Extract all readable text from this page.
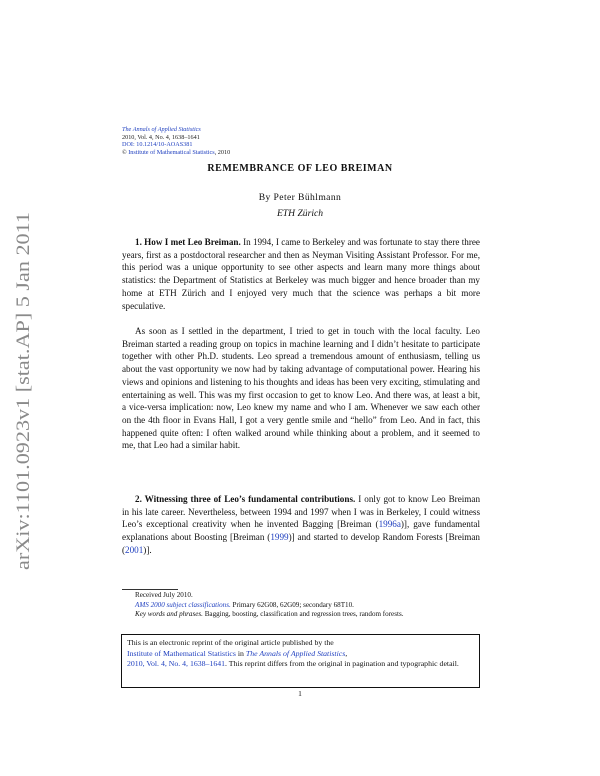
The Annals of Applied Statistics
2010, Vol. 4, No. 4, 1638–1641
DOI: 10.1214/10-AOAS381
© Institute of Mathematical Statistics, 2010
arXiv:1101.0923v1 [stat.AP] 5 Jan 2011
REMEMBRANCE OF LEO BREIMAN
By Peter Bühlmann
ETH Zürich

1. How I met Leo Breiman. In 1994, I came to Berkeley and was fortunate to stay there three years, first as a postdoctoral researcher and then as Neyman Visiting Assistant Professor. For me, this period was a unique opportunity to see other aspects and learn many more things about statistics: the Department of Statistics at Berkeley was much bigger and hence broader than my home at ETH Zürich and I enjoyed very much that the science was perhaps a bit more speculative.

As soon as I settled in the department, I tried to get in touch with the local faculty. Leo Breiman started a reading group on topics in machine learning and I didn’t hesitate to participate together with other Ph.D. students. Leo spread a tremendous amount of enthusiasm, telling us about the vast opportunity we now had by taking advantage of computational power. Hearing his views and opinions and listening to his thoughts and ideas has been very exciting, stimulating and entertaining as well. This was my first occasion to get to know Leo. And there was, at least a bit, a vice-versa implication: now, Leo knew my name and who I am. Whenever we saw each other on the 4th floor in Evans Hall, I got a very gentle smile and “hello” from Leo. And in fact, this happened quite often: I often walked around while thinking about a problem, and it seemed to me, that Leo had a similar habit.

2. Witnessing three of Leo’s fundamental contributions. I only got to know Leo Breiman in his late career. Nevertheless, between 1994 and 1997 when I was in Berkeley, I could witness Leo’s exceptional creativity when he invented Bagging [Breiman (1996a)], gave fundamental explanations about Boosting [Breiman (1999)] and started to develop Random Forests [Breiman (2001)].

Received July 2010.
AMS 2000 subject classifications. Primary 62G08, 62G09; secondary 68T10.
Key words and phrases. Bagging, boosting, classification and regression trees, random forests.
This is an electronic reprint of the original article published by the
Institute of Mathematical Statistics in The Annals of Applied Statistics,
2010, Vol. 4, No. 4, 1638–1641. This reprint differs from the original in pagination and typographic detail.
1
